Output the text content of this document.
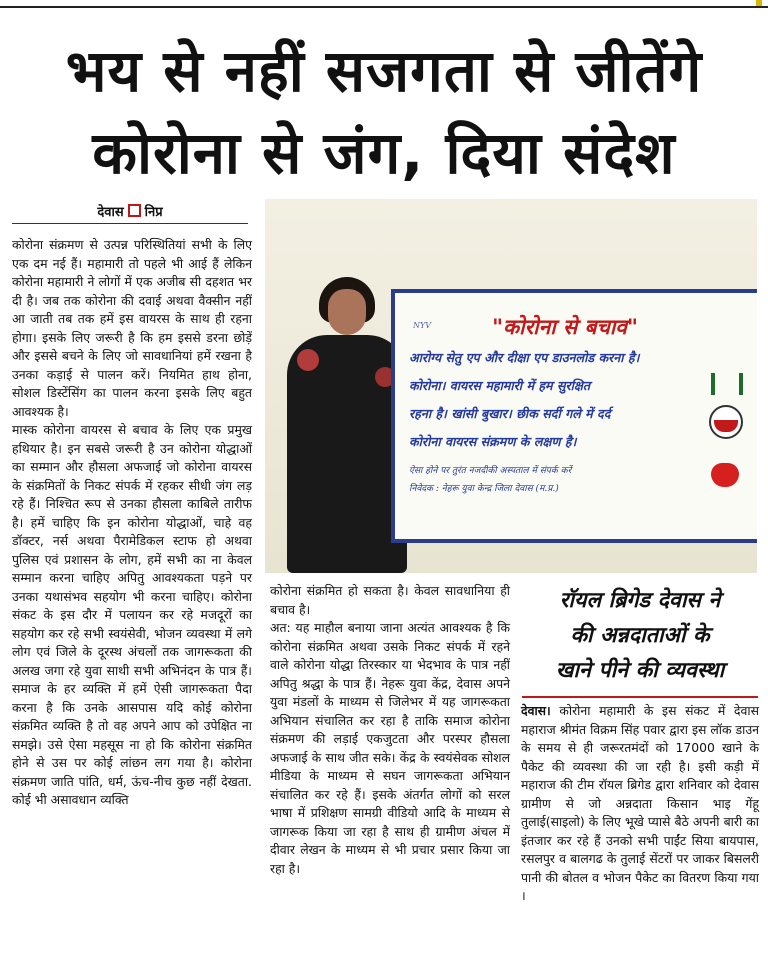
भय से नहीं सजगता से जीतेंगे
कोरोना से जंग, दिया संदेश
देवास निप्र

कोरोना संक्रमण से उत्पन्न परिस्थितियां सभी के लिए एक दम नई हैं। महामारी तो पहले भी आई हैं लेकिन कोरोना महामारी ने लोगों में एक अजीब सी दहशत भर दी है। जब तक कोरोना की दवाई अथवा वैक्सीन नहीं आ जाती तब तक हमें इस वायरस के साथ ही रहना होगा। इसके लिए जरूरी है कि हम इससे डरना छोड़ें और इससे बचने के लिए जो सावधानियां हमें रखना है उनका कड़ाई से पालन करें। नियमित हाथ होना, सोशल डिस्टेंसिंग का पालन करना इसके लिए बहुत आवश्यक है।

मास्क कोरोना वायरस से बचाव के लिए एक प्रमुख हथियार है। इन सबसे जरूरी है उन कोरोना योद्धाओं का सम्मान और हौसला अफजाई जो कोरोना वायरस के संक्रमितों के निकट संपर्क में रहकर सीधी जंग लड़ रहे हैं। निश्चित रूप से उनका हौसला काबिले तारीफ है। हमें चाहिए कि इन कोरोना योद्धाओं, चाहे वह डॉक्टर, नर्स अथवा पैरामेडिकल स्टाफ हो अथवा पुलिस एवं प्रशासन के लोग, हमें सभी का ना केवल सम्मान करना चाहिए अपितु आवश्यकता पड़ने पर उनका यथासंभव सहयोग भी करना चाहिए। कोरोना संकट के इस दौर में पलायन कर रहे मजदूरों का सहयोग कर रहे सभी स्वयंसेवी, भोजन व्यवस्था में लगे लोग एवं जिले के दूरस्थ अंचलों तक जागरूकता की अलख जगा रहे युवा साथी सभी अभिनंदन के पात्र हैं। समाज के हर व्यक्ति में हमें ऐसी जागरूकता पैदा करना है कि उनके आसपास यदि कोई कोरोना संक्रमित व्यक्ति है तो वह अपने आप को उपेक्षित ना समझे। उसे ऐसा महसूस ना हो कि कोरोना संक्रमित होने से उस पर कोई लांछन लग गया है। कोरोना संक्रमण जाति पांति, धर्म, ऊंच-नीच कुछ नहीं देखता. कोई भी असावधान व्यक्ति

NYV	"कोरोना से बचाव"
आरोग्य सेतु एप और दीक्षा एप डाउनलोड करना है।
कोरोना। वायरस महामारी में हम सुरक्षित
रहना है। खांसी बुखार। छीक सर्दी गले में दर्द
कोरोना वायरस संक्रमण के लक्षण है।
ऐसा होने पर तुरंत नजदीकी अस्पताल में संपर्क करें
निवेदक : नेहरू युवा केन्द्र जिला देवास (म.प्र.)

कोरोना संक्रमित हो सकता है। केवल सावधानिया ही बचाव है।

अत: यह माहौल बनाया जाना अत्यंत आवश्यक है कि कोरोना संक्रमित अथवा उसके निकट संपर्क में रहने वाले कोरोना योद्धा तिरस्कार या भेदभाव के पात्र नहीं अपितु श्रद्धा के पात्र हैं। नेहरू युवा केंद्र, देवास अपने युवा मंडलों के माध्यम से जिलेभर में यह जागरूकता अभियान संचालित कर रहा है ताकि समाज कोरोना संक्रमण की लड़ाई एकजुटता और परस्पर हौसला अफजाई के साथ जीत सके। केंद्र के स्वयंसेवक सोशल मीडिया के माध्यम से सघन जागरूकता अभियान संचालित कर रहे हैं। इसके अंतर्गत लोगों को सरल भाषा में प्रशिक्षण सामग्री वीडियो आदि के माध्यम से जागरूक किया जा रहा है साथ ही ग्रामीण अंचल में दीवार लेखन के माध्यम से भी प्रचार प्रसार किया जा रहा है।

रॉयल ब्रिगेड देवास ने
की अन्नदाताओं के
खाने पीने की व्यवस्था

देवास। कोरोना महामारी के इस संकट में देवास महाराज श्रीमंत विक्रम सिंह पवार द्वारा इस लॉक डाउन के समय से ही जरूरतमंदों को 17000 खाने के पैकेट की व्यवस्था की जा रही है। इसी कड़ी में महाराज की टीम रॉयल ब्रिगेड द्वारा शनिवार को देवास ग्रामीण से जो अन्नदाता किसान भाइ गेंहू तुलाई(साइलो) के लिए भूखे प्यासे बैठे अपनी बारी का इंतजार कर रहे हैं उनको सभी पाईंट सिया बायपास, रसलपुर व बालगढ के तुलाई सेंटरों पर जाकर बिसलरी पानी की बोतल व भोजन पैकेट का वितरण किया गया ।
